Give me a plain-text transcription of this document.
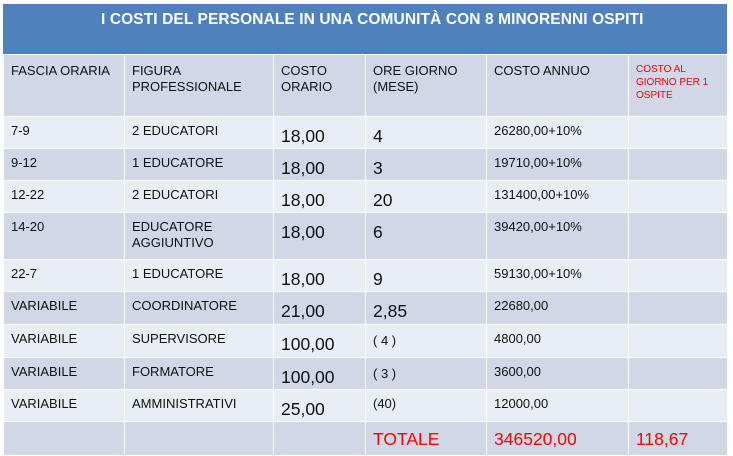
I COSTI DEL PERSONALE IN UNA COMUNITÀ CON 8 MINORENNI OSPITI
FASCIA ORARIA	FIGURA PROFESSIONALE	COSTO ORARIO	ORE GIORNO (MESE)	COSTO ANNUO	COSTO AL GIORNO PER 1 OSPITE
7-9	2 EDUCATORI	18,00	4	26280,00+10%	
9-12	1 EDUCATORE	18,00	3	19710,00+10%	
12-22	2 EDUCATORI	18,00	20	131400,00+10%	
14-20	EDUCATORE AGGIUNTIVO	18,00	6	39420,00+10%	
22-7	1 EDUCATORE	18,00	9	59130,00+10%	
VARIABILE	COORDINATORE	21,00	2,85	22680,00	
VARIABILE	SUPERVISORE	100,00	( 4 )	4800,00	
VARIABILE	FORMATORE	100,00	( 3 )	3600,00	
VARIABILE	AMMINISTRATIVI	25,00	(40)	12000,00	
			TOTALE	346520,00	118,67
